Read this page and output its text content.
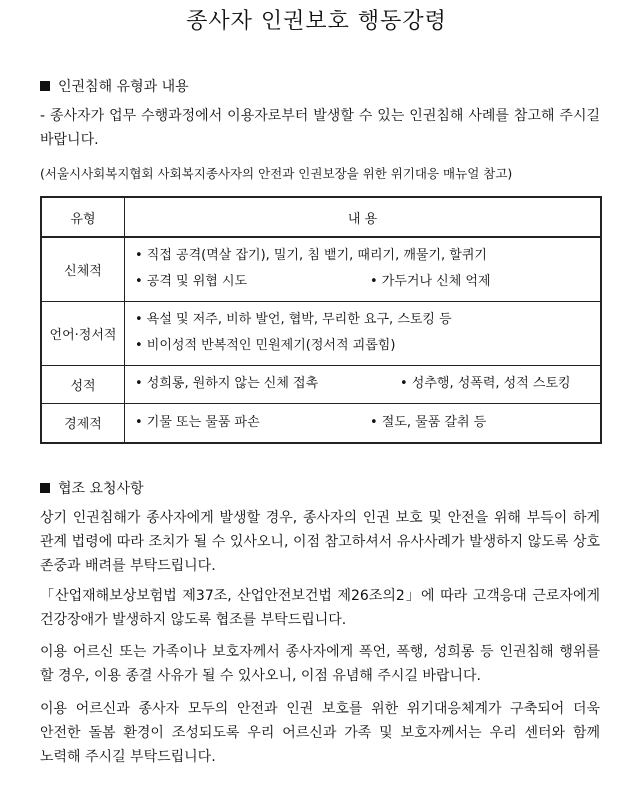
종사자 인권보호 행동강령
인권침해 유형과 내용
- 종사자가 업무 수행과정에서 이용자로부터 발생할 수 있는 인권침해 사례를 참고해 주시길 바랍니다.
(서울시사회복지협회 사회복지종사자의 안전과 인권보장을 위한 위기대응 매뉴얼 참고)
유형	내 용
신체적	• 직접 공격(멱살 잡기), 밀기, 침 뱉기, 때리기, 깨물기, 할퀴기
• 공격 및 위협 시도 • 가두거나 신체 억제

언어·정서적	• 욕설 및 저주, 비하 발언, 협박, 무리한 요구, 스토킹 등
• 비이성적 반복적인 민원제기(정서적 괴롭힘)

성적	• 성희롱, 원하지 않는 신체 접촉 • 성추행, 성폭력, 성적 스토킹

경제적	• 기물 또는 물품 파손 • 절도, 물품 갈취 등
협조 요청사항
상기 인권침해가 종사자에게 발생할 경우, 종사자의 인권 보호 및 안전을 위해 부득이 하게 관계 법령에 따라 조치가 될 수 있사오니, 이점 참고하셔서 유사사례가 발생하지 않도록 상호 존중과 배려를 부탁드립니다.
「산업재해보상보험법 제37조, 산업안전보건법 제26조의2」에 따라 고객응대 근로자에게 건강장애가 발생하지 않도록 협조를 부탁드립니다.
이용 어르신 또는 가족이나 보호자께서 종사자에게 폭언, 폭행, 성희롱 등 인권침해 행위를 할 경우, 이용 종결 사유가 될 수 있사오니, 이점 유념해 주시길 바랍니다.
이용 어르신과 종사자 모두의 안전과 인권 보호를 위한 위기대응체계가 구축되어 더욱 안전한 돌봄 환경이 조성되도록 우리 어르신과 가족 및 보호자께서는 우리 센터와 함께 노력해 주시길 부탁드립니다.
